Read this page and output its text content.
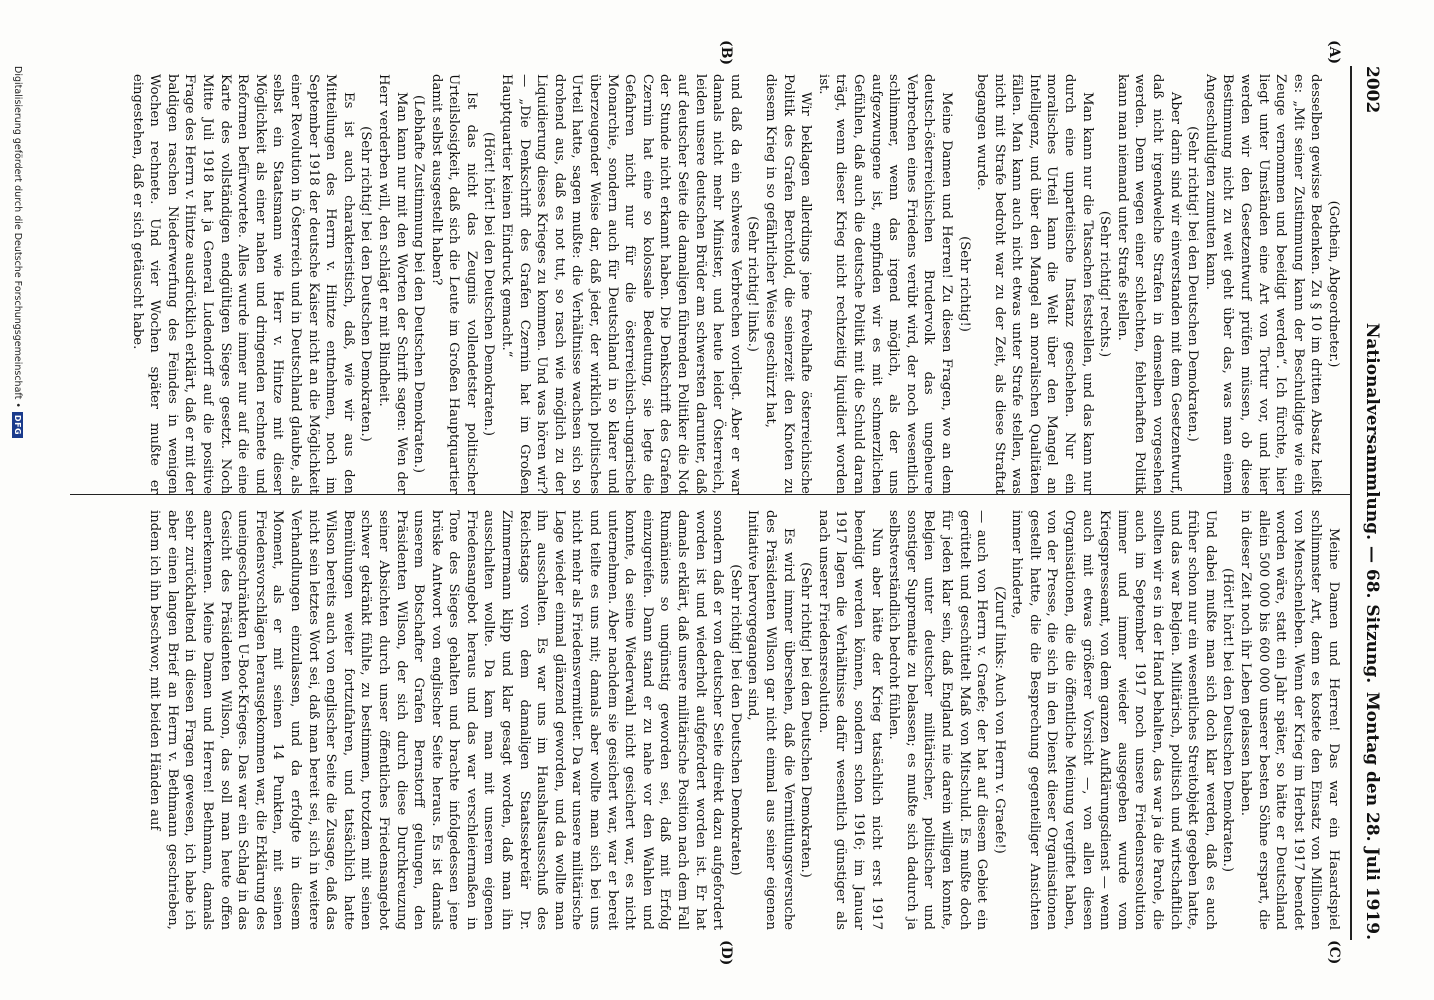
2002
Nationalversammlung. — 68. Sitzung.
Montag den 28. Juli 1919.
(A)
(B)
(C)
(D)

(Gothein, Abgeordneter.)

desselben gewisse Bedenken. Zu § 10 im dritten Absatz heißt es: „Mit seiner Zustimmung kann der Beschuldigte wie ein Zeuge vernommen und beeidigt werden“. Ich fürchte, hier liegt unter Umständen eine Art von Tortur vor, und hier werden wir den Gesetzentwurf prüfen müssen, ob diese Bestimmung nicht zu weit geht über das, was man einem Angeschuldigten zumuten kann.

(Sehr richtig! bei den Deutschen Demokraten.)

Aber darin sind wir einverstanden mit dem Gesetzentwurf, daß nicht irgendwelche Strafen in demselben vorgesehen werden. Denn wegen einer schlechten, fehlerhaften Politik kann man niemand unter Strafe stellen.

(Sehr richtig! rechts.)

Man kann nur die Tatsachen feststellen, und das kann nur durch eine unparteiische Instanz geschehen. Nur ein moralisches Urteil kann die Welt über den Mangel an Intelligenz, und über den Mangel an moralischen Qualitäten fällen. Man kann auch nicht etwas unter Strafe stellen, was nicht mit Strafe bedroht war zu der Zeit, als diese Straftat begangen wurde.

(Sehr richtig!)

Meine Damen und Herren! Zu diesen Fragen, wo an dem deutsch-österreichischen Brudervolk das ungeheure Verbrechen eines Friedens verübt wird, der noch wesentlich schlimmer, wenn das irgend möglich, als der uns aufgezwungene ist, empfinden wir es mit schmerzlichen Gefühlen, daß auch die deutsche Politik mit die Schuld daran trägt, wenn dieser Krieg nicht rechtzeitig liquidiert worden ist.

Wir beklagen allerdings jene frevelhafte österreichische Politik des Grafen Berchtold, die seinerzeit den Knoten zu diesem Krieg in so gefährlicher Weise geschürzt hat,

(Sehr richtig! links.)

und daß da ein schweres Verbrechen vorliegt. Aber er war damals nicht mehr Minister, und heute leider Österreich, leiden unsere deutschen Brüder am schwersten darunter, daß auf deutscher Seite die damaligen führenden Politiker die Not der Stunde nicht erkannt haben. Die Denkschrift des Grafen Czernin hat eine so kolossale Bedeutung, sie legte die Gefahren nicht nur für die österreichisch-ungarische Monarchie, sondern auch für Deutschland in so klarer und überzeugender Weise dar, daß jeder, der wirklich politisches Urteil hatte, sagen mußte: die Verhältnisse wachsen sich so drohend aus, daß es not tut, so rasch wie möglich zu der Liquidierung dieses Krieges zu kommen. Und was hören wir? — „Die Denkschrift des Grafen Czernin hat im Großen Hauptquartier keinen Eindruck gemacht.“

(Hört! hört! bei den Deutschen Demokraten.)

Ist das nicht das Zeugnis vollendetster politischer Urteilslosigkeit, daß sich die Leute im Großen Hauptquartier damit selbst ausgestellt haben?

(Lebhafte Zustimmung bei den Deutschen Demokraten.)

Man kann nur mit den Worten der Schrift sagen: Wen der Herr verderben will, den schlägt er mit Blindheit.

(Sehr richtig! bei den Deutschen Demokraten.)

Es ist auch charakteristisch, daß, wie wir aus den Mitteilungen des Herrn v. Hintze entnehmen, noch im September 1918 der deutsche Kaiser nicht an die Möglichkeit einer Revolution in Österreich und in Deutschland glaubte, als selbst ein Staatsmann wie Herr v. Hintze mit dieser Möglichkeit als einer nahen und dringenden rechnete und Reformen befürwortete. Alles wurde immer nur auf die eine Karte des vollständigen endgültigen Sieges gesetzt. Noch Mitte Juli 1918 hat ja General Ludendorff auf die positive Frage des Herrn v. Hintze ausdrücklich erklärt, daß er mit der baldigen raschen Niederwerfung des Feindes in wenigen Wochen rechnete. Und vier Wochen später mußte er eingestehen, daß er sich getäuscht habe.

Meine Damen und Herren! Das war ein Hasardspiel schlimmster Art, denn es kostete den Einsatz von Millionen von Menschenleben. Wenn der Krieg im Herbst 1917 beendet worden wäre, statt ein Jahr später, so hätte er Deutschland allein 500 000 bis 600 000 unserer besten Söhne erspart, die in dieser Zeit noch ihr Leben gelassen haben.

(Hört! hört! bei den Deutschen Demokraten.)

Und dabei mußte man sich doch klar werden, daß es auch früher schon nur ein wesentliches Streitobjekt gegeben hatte, und das war Belgien. Militärisch, politisch und wirtschaftlich sollten wir es in der Hand behalten, das war ja die Parole, die auch im September 1917 noch unsere Friedensresolution immer und immer wieder ausgegeben wurde vom Kriegspresseamt, von dem ganzen Aufklärungsdienst — wenn auch mit etwas größerer Vorsicht —, von allen diesen Organisationen, die die öffentliche Meinung vergiftet haben, von der Presse, die sich in den Dienst dieser Organisationen gestellt hatte, die die Besprechung gegenteiliger Ansichten immer hinderte,

(Zuruf links: Auch von Herrn v. Graefe!)

— auch von Herrn v. Graefe; der hat auf diesem Gebiet ein gerüttelt und geschüttelt Maß von Mitschuld. Es mußte doch für jeden klar sein, daß England nie darein willigen konnte, Belgien unter deutscher militärischer, politischer und sonstiger Suprematie zu belassen; es mußte sich dadurch ja selbstverständlich bedroht fühlen.

Nun aber hätte der Krieg tatsächlich nicht erst 1917 beendigt werden können, sondern schon 1916; im Januar 1917 lagen die Verhältnisse dafür wesentlich günstiger als nach unserer Friedensresolution.

(Sehr richtig! bei den Deutschen Demokraten.)

Es wird immer übersehen, daß die Vermittlungsversuche des Präsidenten Wilson gar nicht einmal aus seiner eigenen Initiative hervorgegangen sind,

(Sehr richtig! bei den Deutschen Demokraten)

sondern daß er von deutscher Seite direkt dazu aufgefordert worden ist und wiederholt aufgefordert worden ist. Er hat damals erklärt, daß unsere militärische Position nach dem Fall Rumäniens so ungünstig geworden sei, daß mit Erfolg einzugreifen. Dann stand er zu nahe vor den Wahlen und konnte, da seine Wiederwahl nicht gesichert war, es nicht unternehmen. Aber nachdem sie gesichert war, war er bereit und teilte es uns mit; damals aber wollte man sich bei uns nicht mehr als Friedensvermittler. Da war unsere militärische Lage wieder einmal glänzend geworden, und da wollte man ihn ausschalten. Es war uns im Haushaltsausschuß des Reichstags von dem damaligen Staatssekretär Dr. Zimmermann klipp und klar gesagt worden, daß man ihn ausschalten wollte. Da kam man mit unserem eigenen Friedensangebot heraus und das war verschleiermaßen in Tone des Sieges gehalten und brachte infolgedessen jene brüske Antwort von englischer Seite heraus. Es ist damals unserem Botschafter Grafen Bernstorff gelungen, den Präsidenten Wilson, der sich durch diese Durchkreuzung seiner Absichten durch unser öffentliches Friedensangebot schwer gekränkt fühlte, zu bestimmen, trotzdem mit seinen Bemühungen weiter fortzufahren, und tatsächlich hatte Wilson bereits auch von englischer Seite die Zusage, daß das nicht sein letztes Wort sei, daß man bereit sei, sich in weitere Verhandlungen einzulassen, und da erfolgte in diesem Moment, als er mit seinen 14 Punkten, mit seinen Friedensvorschlägen herausgekommen war, die Erklärung des uneingeschränkten U-Boot-Krieges. Das war ein Schlag in das Gesicht des Präsidenten Wilson, das soll man heute offen anerkennen. Meine Damen und Herren! Bethmann, damals sehr zurückhaltend in diesen Fragen gewesen, ich habe ich aber einen langen Brief an Herrn v. Bethmann geschrieben, indem ich ihn beschwor, mit beiden Händen auf

Digitalisierung gefördert durch die Deutsche Forschungsgemeinschaft •
DFG
